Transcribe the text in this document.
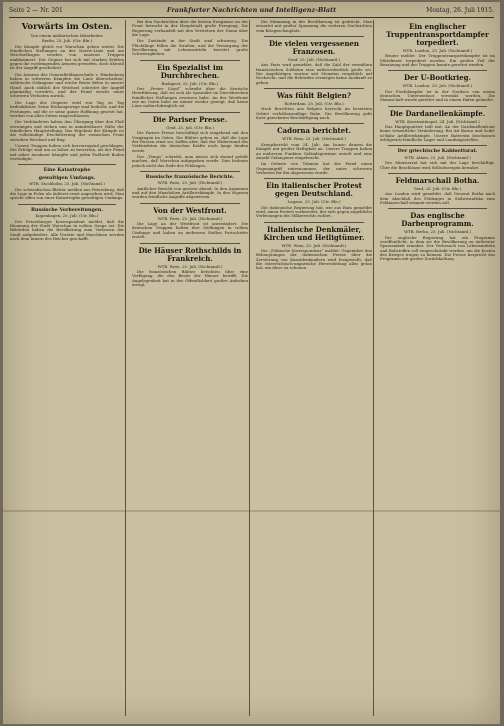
Seite 2 — Nr. 201	Frankfurter Nachrichten und Intelligenz-Blatt	Montag, 26. Juli 1915.
Vorwärts im Osten.
Von einem militärischen Mitarbeiter.
Berlin, 25. Juli. (Ctr. Bln.)

Die Kämpfe gleich vor Warschau gehen weiter. Die feindlichen Stellungen an der Narew-Linie und am Weichselbogen werden von unseren Truppen umklammert. Der Gegner hat sich mit starken Kräften gegen die vordringenden Armeen geworfen, doch überall ist der Angriff gescheitert.

Die Armeen des Generalfeldmarschalls v. Hindenburg haben in schweren Kämpfen die Linie überschritten; zahlreiche Gefangene und reiche Beute fielen in unsere Hand. Auch südlich der Weichsel schreitet der Angriff planmäßig vorwärts, und der Feind weicht unter schweren Verlusten zurück.

Die Lage des Gegners wird von Tag zu Tag bedenklicher. Seine Rückzugswege sind bedroht, und die Festungen, auf die er seine ganze Hoffnung gesetzt hat, werden von allen Seiten eingeschlossen.

Die Verbündeten haben den Übergang über den Fluß erzwungen und stehen nun in unmittelbarer Nähe der feindlichen Hauptstellung. Das Ergebnis der Kämpfe ist die vollständige Erschütterung der russischen Front zwischen Weichsel und Bug.

Unsere Truppen haben sich hervorragend geschlagen. Die Erfolge sind um so höher zu bewerten, als der Feind mit zäher Ausdauer kämpfte und jeden Fußbreit Boden verteidigte.

Eine Katastrophe
gewaltigen Umfangs.
WTB. Stockholm, 25. Juli. (Nichtamtl.)

Die schwedischen Blätter melden aus Petersburg, daß die Lage in Polen als äußerst ernst angesehen wird. Man spricht offen von einer Katastrophe gewaltigen Umfangs.

Russische Vorbereitungen.
Kopenhagen, 25. Juli. (Ctr. Bln.)

Der Petersburger Korrespondent meldet, daß die Räumung der Stadt Warschau in vollem Gange sei. Die Behörden haben die Bevölkerung zum Verlassen der Stadt aufgefordert. Alle Vorräte und Maschinen werden nach dem Innern des Reiches geschafft.

Bei den Nachrichten über die letzten Ereignisse an der Front herrscht in der Hauptstadt große Erregung. Die Regierung verhandelt mit den Vertretern der Duma über die Lage.

Die Zustände in der Stadt sind schwierig. Die Flüchtlinge füllen die Straßen, und die Versorgung der Bevölkerung mit Lebensmitteln bereitet große Schwierigkeiten.

Ein Spezialist im Durchbrechen.
Budapest, 25. Juli. (Ctr. Bln.)

Der „Pester Lloyd“ schreibt über die deutsche Heerführung, daß sie sich als Spezialist im Durchbrechen feindlicher Stellungen erwiesen habe. An der Westfront wie im Osten habe sie immer wieder gezeigt, daß keine Linie undurchdringlich sei.

Die Pariser Presse.
Genf, 25. Juli. (Ctr. Bln.)

Die Pariser Presse beschäftigt sich eingehend mit den Vorgängen im Osten. Die Blätter geben zu, daß die Lage der Russen ernst sei, hoffen aber, daß der Widerstand des Verbündeten die deutschen Kräfte noch lange binden werde.

Der „Temps“ schreibt, man müsse sich darauf gefaßt machen, daß Warschau aufgegeben werde. Dies bedeute jedoch nicht das Ende des Feldzuges.

Russische französische Berichte.
WTB. Paris, 25. Juli. (Nichtamtl.)

Amtlicher Bericht von gestern abend: In den Argonnen und auf den Maashöhen Artilleriekämpfe. In den Vogesen wurden feindliche Angriffe abgewiesen.

Von der Westfront.
WTB. Paris, 25. Juli. (Nichtamtl.)

Die Lage an der Westfront ist unverändert. Die deutschen Truppen halten ihre Stellungen in vollem Umfange und haben an mehreren Stellen Fortschritte erzielt.

Die Häuser Rothschilds in Frankreich.
WTB. Paris, 25. Juli. (Nichtamtl.)

Die französischen Blätter berichten über eine Verfügung, die den Besitz der Häuser betrifft. Die Angelegenheit hat in der Öffentlichkeit großes Aufsehen erregt.

Die Stimmung in der Bevölkerung ist gedrückt. Man erwartet mit großer Spannung die weiteren Nachrichten vom Kriegsschauplatz.

Die vielen vergessenen Franzosen.
Genf, 25. Juli. (Nichtamtl.)

Aus Paris wird gemeldet, daß die Zahl der vermißten französischen Soldaten eine außerordentlich große sei. Die Angehörigen warten seit Monaten vergeblich auf Nachricht, und die Behörden vermögen keine Auskunft zu geben.

Was fühlt Belgien?
Rotterdam, 25. Juli. (Ctr. Bln.)

Nach Berichten aus Belgien herrscht im besetzten Gebiet verhältnismäßige Ruhe. Die Bevölkerung geht ihrer gewohnten Beschäftigung nach.

Cadorna berichtet.
WTB. Rom, 25. Juli. (Nichtamtl.)

Kriegsbericht vom 24. Juli: Am Isonzo dauern die Kämpfe mit großer Heftigkeit an. Unsere Truppen haben an mehreren Punkten Geländegewinne erzielt und eine Anzahl Gefangener eingebracht.

Im Gebiete von Tolmein hat der Feind einen Gegenangriff unternommen, der unter schweren Verlusten für ihn abgewiesen wurde.

Ein italienischer Protest gegen Deutschland.
Lugano, 25. Juli. (Ctr. Bln.)

Die italienische Regierung hat, wie aus Rom gemeldet wird, einen Protest vorbereitet, der sich gegen angebliche Verletzungen des Völkerrechts richtet.

Italienische Denkmäler, Kirchen und Heiligtümer.
WTB. Wien, 25. Juli. (Nichtamtl.)

Die „Politische Korrespondenz“ meldet: Gegenüber den Behauptungen der italienischen Presse über die Zerstörung von Kunstdenkmälern wird festgestellt, daß die österreichisch-ungarische Heeresleitung alles getan hat, um diese zu schonen.

Ein englischer Truppentransportdampfer torpediert.
WTB. London, 25. Juli. (Nichtamtl.)

Reuter meldet: Der Truppentransportdampfer ist im Mittelmeer torpediert worden. Ein großer Teil der Besatzung und der Truppen konnte gerettet werden.

Der U-Bootkrieg.
WTB. London, 25. Juli. (Nichtamtl.)

Der Fischdampfer ist in der Nordsee von einem deutschen Unterseeboot versenkt worden. Die Mannschaft wurde gerettet und in einem Hafen gelandet.

Die Dardanellenkämpfe.
WTB. Konstantinopel, 24. Juli. (Nichtamtl.)

Das Hauptquartier teilt mit: An der Dardanellenfront keine wesentliche Veränderung. Bei Ari Burnu und Sedd-ul-Bahr Artilleriekämpfe. Unsere Batterien beschossen erfolgreich feindliche Lager und Landungsstellen.

Der griechische Kabinettsrat.
WTB. Athen, 25. Juli. (Nichtamtl.)

Der Ministerrat hat sich mit der Lage beschäftigt. Über die Beschlüsse wird Stillschweigen bewahrt.

Feldmarschall Botha.
Genf, 25. Juli. (Ctr. Bln.)

Aus London wird gemeldet, daß General Botha nach dem Abschluß des Feldzuges in Südwestafrika zum Feldmarschall ernannt werden soll.

Das englische Darbenprogramm.
WTB. Berlin, 25. Juli. (Nichtamtl.)

Die englische Regierung hat ein Programm veröffentlicht, in dem sie die Bevölkerung zu äußerster Sparsamkeit ermahnt. Der Verbrauch von Lebensmitteln und Rohstoffen soll eingeschränkt werden, um die Kosten des Krieges tragen zu können. Die Presse bespricht das Programm mit großer Zurückhaltung.
